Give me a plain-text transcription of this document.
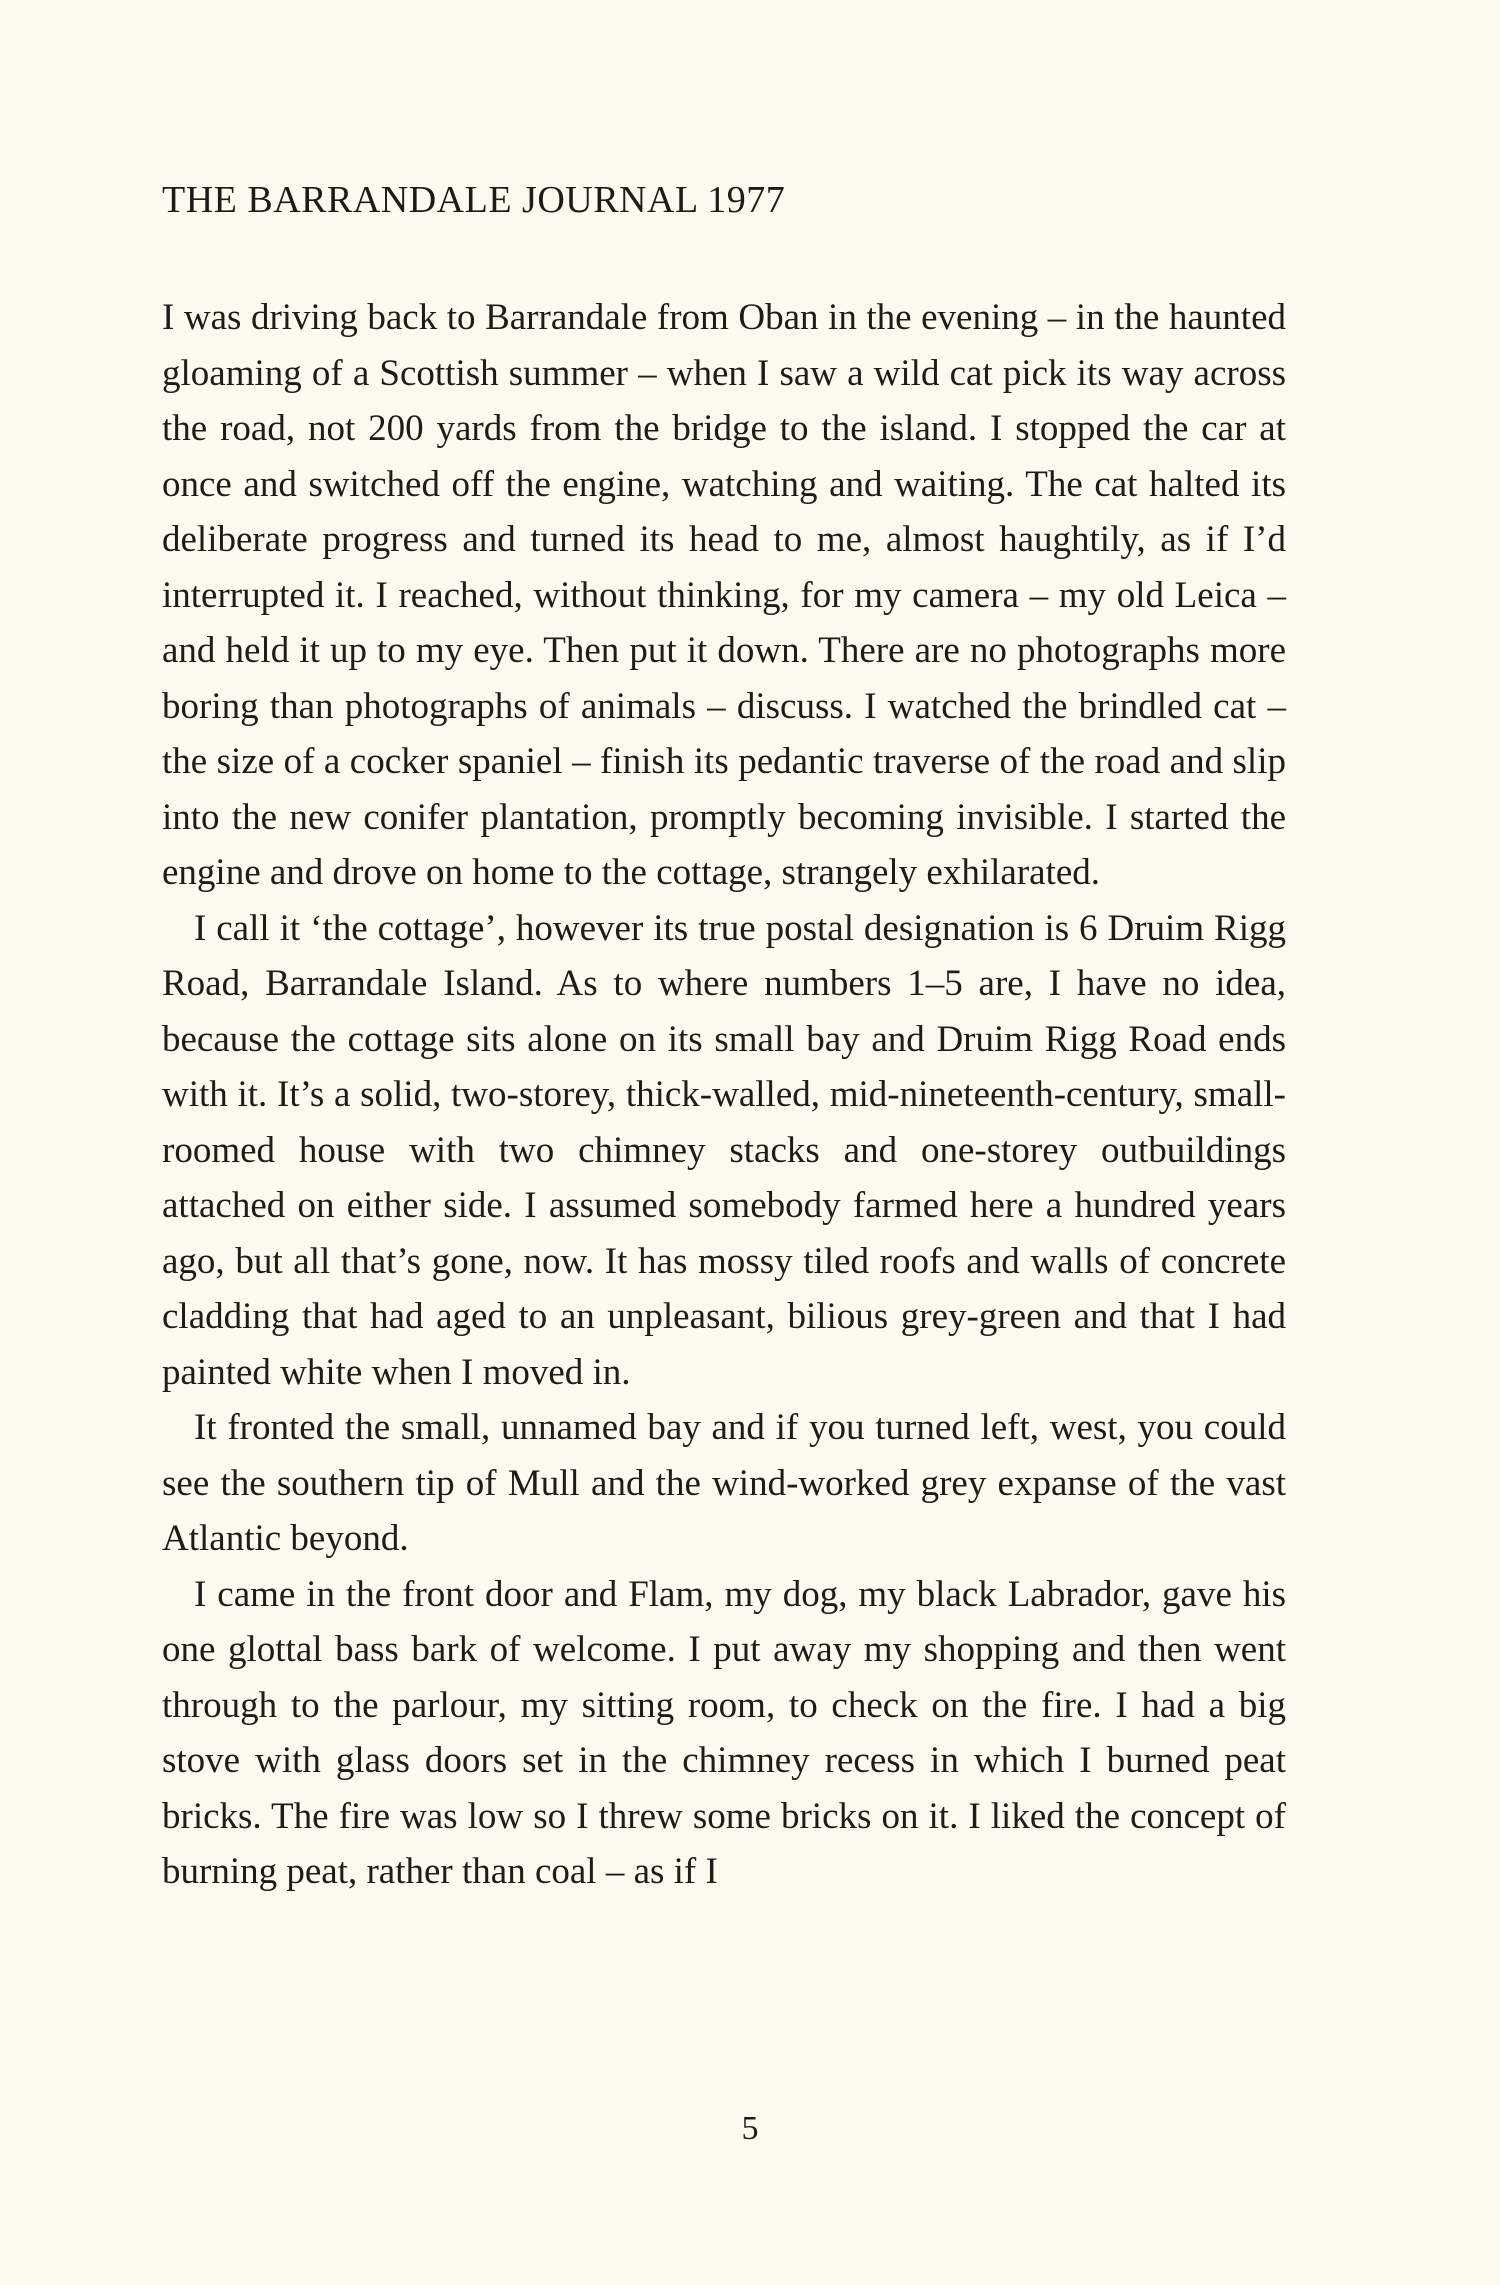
THE BARRANDALE JOURNAL 1977

I was driving back to Barrandale from Oban in the evening – in the haunted gloaming of a Scottish summer – when I saw a wild cat pick its way across the road, not 200 yards from the bridge to the island. I stopped the car at once and switched off the engine, watching and waiting. The cat halted its deliberate progress and turned its head to me, almost haughtily, as if I’d interrupted it. I reached, without thinking, for my camera – my old Leica – and held it up to my eye. Then put it down. There are no photographs more boring than photographs of animals – discuss. I watched the brindled cat – the size of a cocker spaniel – finish its pedantic traverse of the road and slip into the new conifer plantation, promptly becoming invisible. I started the engine and drove on home to the cottage, strangely exhilarated.

I call it ‘the cottage’, however its true postal designation is 6 Druim Rigg Road, Barrandale Island. As to where numbers 1–5 are, I have no idea, because the cottage sits alone on its small bay and Druim Rigg Road ends with it. It’s a solid, two-storey, thick-walled, mid-nineteenth-century, small-roomed house with two chimney stacks and one-storey outbuildings attached on either side. I assumed somebody farmed here a hundred years ago, but all that’s gone, now. It has mossy tiled roofs and walls of concrete cladding that had aged to an unpleasant, bilious grey-green and that I had painted white when I moved in.

It fronted the small, unnamed bay and if you turned left, west, you could see the southern tip of Mull and the wind-worked grey expanse of the vast Atlantic beyond.

I came in the front door and Flam, my dog, my black Labrador, gave his one glottal bass bark of welcome. I put away my shopping and then went through to the parlour, my sitting room, to check on the fire. I had a big stove with glass doors set in the chimney recess in which I burned peat bricks. The fire was low so I threw some bricks on it. I liked the concept of burning peat, rather than coal – as if I

5
